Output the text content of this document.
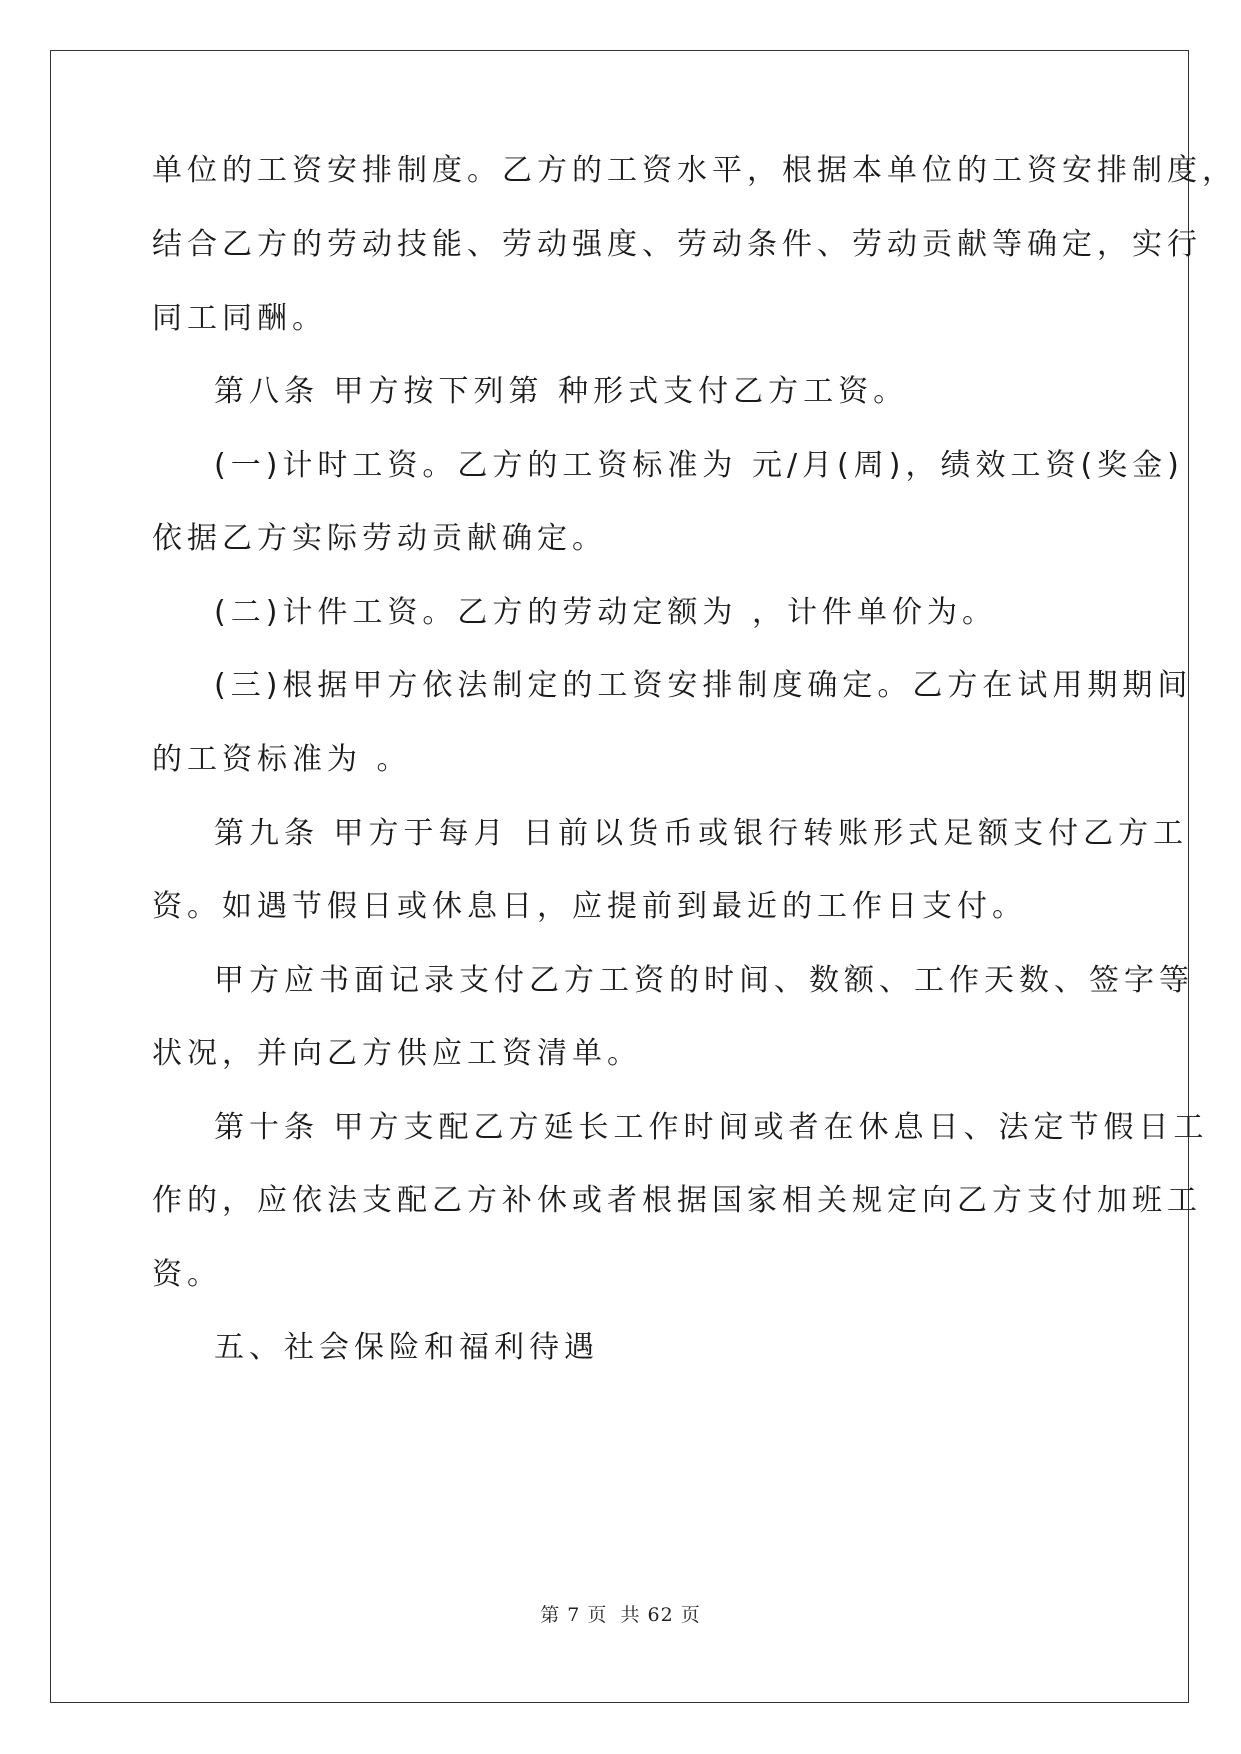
单位的工资安排制度。乙方的工资水平，根据本单位的工资安排制度，
结合乙方的劳动技能、劳动强度、劳动条件、劳动贡献等确定，实行
同工同酬。
第八条 甲方按下列第 种形式支付乙方工资。
(一)计时工资。乙方的工资标准为 元/月(周)，绩效工资(奖金)
依据乙方实际劳动贡献确定。
(二)计件工资。乙方的劳动定额为 ，计件单价为。
(三)根据甲方依法制定的工资安排制度确定。乙方在试用期期间
的工资标准为 。
第九条 甲方于每月 日前以货币或银行转账形式足额支付乙方工
资。如遇节假日或休息日，应提前到最近的工作日支付。
甲方应书面记录支付乙方工资的时间、数额、工作天数、签字等
状况，并向乙方供应工资清单。
第十条 甲方支配乙方延长工作时间或者在休息日、法定节假日工
作的，应依法支配乙方补休或者根据国家相关规定向乙方支付加班工
资。
五、社会保险和福利待遇
第 7 页 共 62 页
